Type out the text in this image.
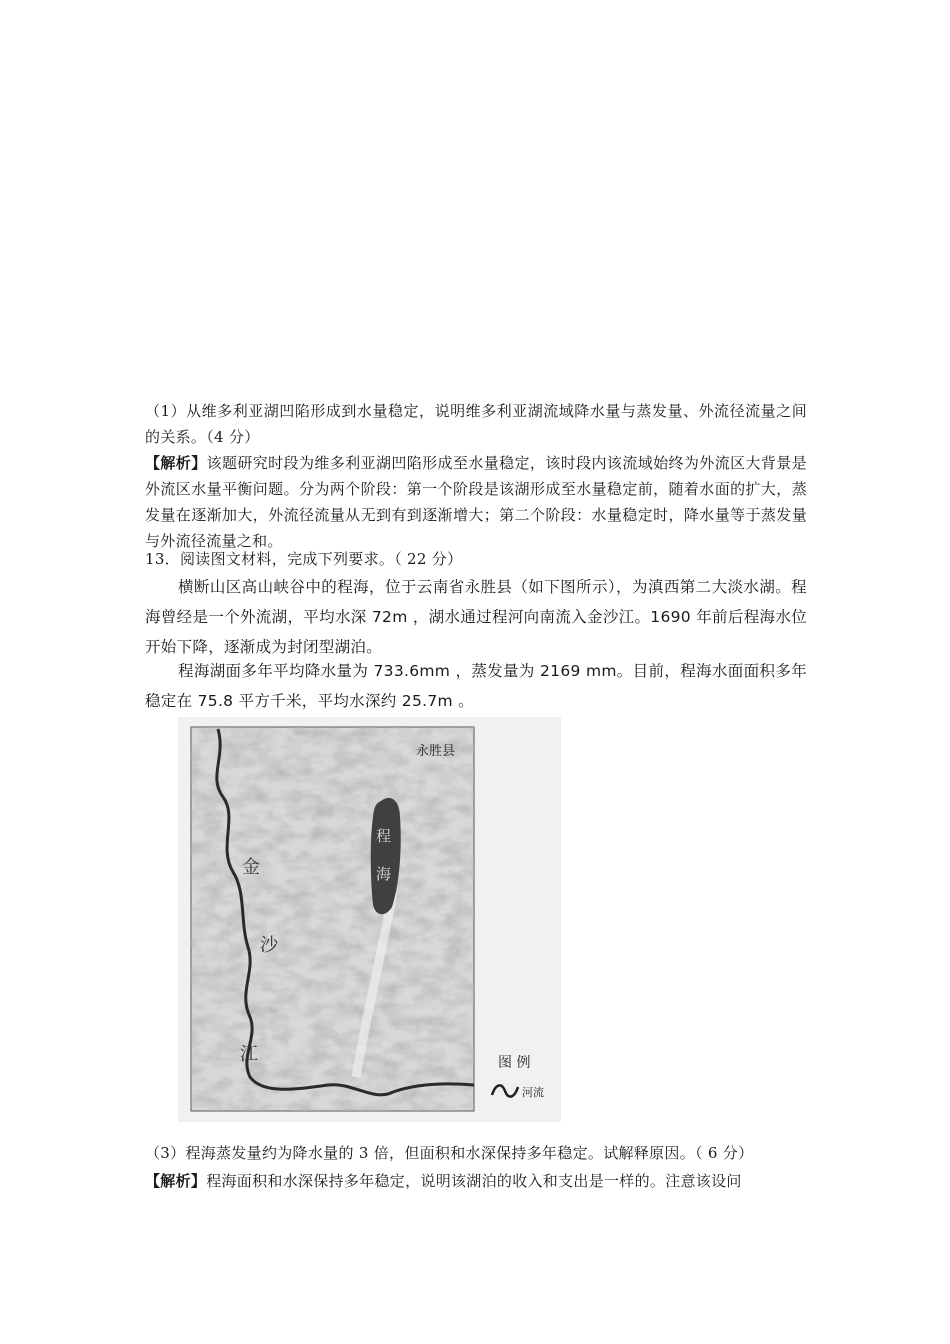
（1）从维多利亚湖凹陷形成到水量稳定，说明维多利亚湖流域降水量与蒸发量、外流径流量之间的关系。（4 分）

【解析】该题研究时段为维多利亚湖凹陷形成至水量稳定，该时段内该流域始终为外流区大背景是外流区水量平衡问题。分为两个阶段：第一个阶段是该湖形成至水量稳定前，随着水面的扩大，蒸发量在逐渐加大，外流径流量从无到有到逐渐增大；第二个阶段：水量稳定时，降水量等于蒸发量与外流径流量之和。

13．阅读图文材料，完成下列要求。（ 22 分）

横断山区高山峡谷中的程海，位于云南省永胜县（如下图所示），为滇西第二大淡水湖。程海曾经是一个外流湖，平均水深 72m ，湖水通过程河向南流入金沙江。1690 年前后程海水位开始下降，逐渐成为封闭型湖泊。

程海湖面多年平均降水量为 733.6mm ，蒸发量为 2169 mm。目前，程海水面面积多年稳定在 75.8 平方千米，平均水深约 25.7m 。

永胜县
程
海
金
沙
江	图 例
河流

（3）程海蒸发量约为降水量的 3 倍，但面积和水深保持多年稳定。试解释原因。（ 6 分）

【解析】程海面积和水深保持多年稳定，说明该湖泊的收入和支出是一样的。注意该设问
